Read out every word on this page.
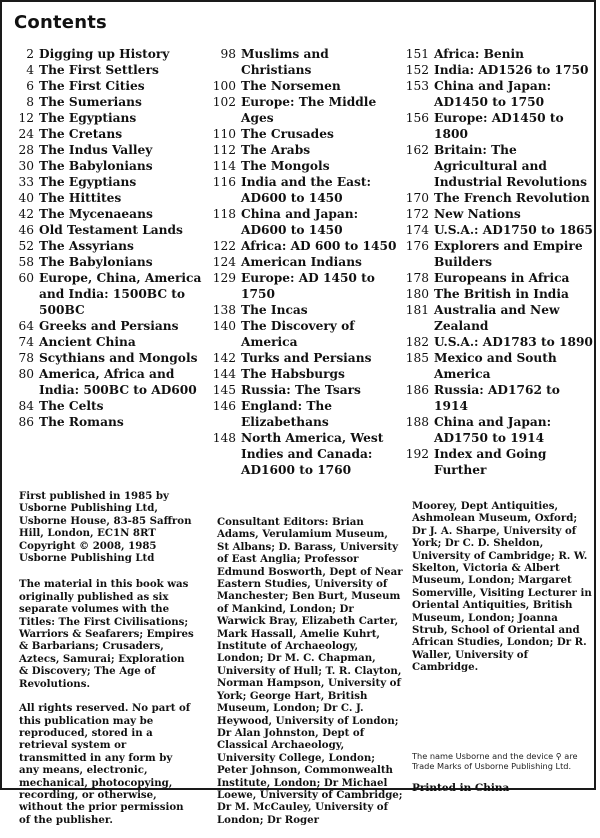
Contents
2 Digging up History
4 The First Settlers
6 The First Cities
8 The Sumerians
12 The Egyptians
24 The Cretans
28 The Indus Valley
30 The Babylonians
33 The Egyptians
40 The Hittites
42 The Mycenaeans
46 Old Testament Lands
52 The Assyrians
58 The Babylonians
60 Europe, China, America and India: 1500BC to 500BC
64 Greeks and Persians
74 Ancient China
78 Scythians and Mongols
80 America, Africa and India: 500BC to AD600
84 The Celts
86 The Romans
98 Muslims and Christians
100 The Norsemen
102 Europe: The Middle Ages
110 The Crusades
112 The Arabs
114 The Mongols
116 India and the East: AD600 to 1450
118 China and Japan: AD600 to 1450
122 Africa: AD 600 to 1450
124 American Indians
129 Europe: AD 1450 to 1750
138 The Incas
140 The Discovery of America
142 Turks and Persians
144 The Habsburgs
145 Russia: The Tsars
146 England: The Elizabethans
148 North America, West Indies and Canada: AD1600 to 1760
151 Africa: Benin
152 India: AD1526 to 1750
153 China and Japan: AD1450 to 1750
156 Europe: AD1450 to 1800
162 Britain: The Agricultural and Industrial Revolutions
170 The French Revolution
172 New Nations
174 U.S.A.: AD1750 to 1865
176 Explorers and Empire Builders
178 Europeans in Africa
180 The British in India
181 Australia and New Zealand
182 U.S.A.: AD1783 to 1890
185 Mexico and South America
186 Russia: AD1762 to 1914
188 China and Japan: AD1750 to 1914
192 Index and Going Further

First published in 1985 by Usborne Publishing Ltd, Usborne House, 83-85 Saffron Hill, London, EC1N 8RT Copyright © 2008, 1985 Usborne Publishing Ltd

The material in this book was originally published as six separate volumes with the Titles: The First Civilisations; Warriors & Seafarers; Empires & Barbarians; Crusaders, Aztecs, Samurai; Exploration & Discovery; The Age of Revolutions.

All rights reserved. No part of this publication may be reproduced, stored in a retrieval system or transmitted in any form by any means, electronic, mechanical, photocopying, recording, or otherwise, without the prior permission of the publisher.

Consultant Editors: Brian Adams, Verulamium Museum, St Albans; D. Barass, University of East Anglia; Professor Edmund Bosworth, Dept of Near Eastern Studies, University of Manchester; Ben Burt, Museum of Mankind, London; Dr Warwick Bray, Elizabeth Carter, Mark Hassall, Amelie Kuhrt, Institute of Archaeology, London; Dr M. C. Chapman, University of Hull; T. R. Clayton, Norman Hampson, University of York; George Hart, British Museum, London; Dr C. J. Heywood, University of London; Dr Alan Johnston, Dept of Classical Archaeology, University College, London; Peter Johnson, Commonwealth Institute, London; Dr Michael Loewe, University of Cambridge; Dr M. McCauley, University of London; Dr Roger
Moorey, Dept Antiquities, Ashmolean Museum, Oxford; Dr J. A. Sharpe, University of York; Dr C. D. Sheldon, University of Cambridge; R. W. Skelton, Victoria & Albert Museum, London; Margaret Somerville, Visiting Lecturer in Oriental Antiquities, British Museum, London; Joanna Strub, School of Oriental and African Studies, London; Dr R. Waller, University of Cambridge.
The name Usborne and the device ⚲ are Trade Marks of Usborne Publishing Ltd.
Printed in China
